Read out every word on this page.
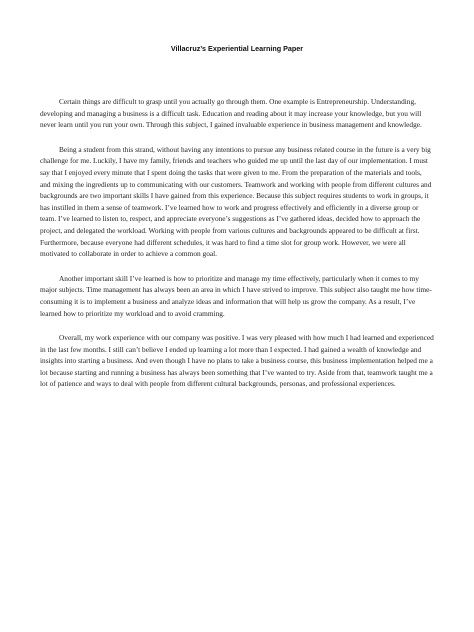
Villacruz’s Experiential Learning Paper

Certain things are difficult to grasp until you actually go through them. One example is Entrepreneurship. Understanding, developing and managing a business is a difficult task. Education and reading about it may increase your knowledge, but you will never learn until you run your own. Through this subject, I gained invaluable experience in business management and knowledge.

Being a student from this strand, without having any intentions to pursue any business related course in the future is a very big challenge for me. Luckily, I have my family, friends and teachers who guided me up until the last day of our implementation. I must say that I enjoyed every minute that I spent doing the tasks that were given to me. From the preparation of the materials and tools, and mixing the ingredients up to communicating with our customers. Teamwork and working with people from different cultures and backgrounds are two important skills I have gained from this experience. Because this subject requires students to work in groups, it has instilled in them a sense of teamwork. I’ve learned how to work and progress effectively and efficiently in a diverse group or team. I’ve learned to listen to, respect, and appreciate everyone’s suggestions as I’ve gathered ideas, decided how to approach the project, and delegated the workload. Working with people from various cultures and backgrounds appeared to be difficult at first. Furthermore, because everyone had different schedules, it was hard to find a time slot for group work. However, we were all motivated to collaborate in order to achieve a common goal.

Another important skill I’ve learned is how to prioritize and manage my time effectively, particularly when it comes to my major subjects. Time management has always been an area in which I have strived to improve. This subject also taught me how time-consuming it is to implement a business and analyze ideas and information that will help us grow the company. As a result, I’ve learned how to prioritize my workload and to avoid cramming.

Overall, my work experience with our company was positive. I was very pleased with how much I had learned and experienced in the last few months. I still can’t believe I ended up learning a lot more than I expected. I had gained a wealth of knowledge and insights into starting a business. And even though I have no plans to take a business course, this business implementation helped me a lot because starting and running a business has always been something that I’ve wanted to try. Aside from that, teamwork taught me a lot of patience and ways to deal with people from different cultural backgrounds, personas, and professional experiences.
